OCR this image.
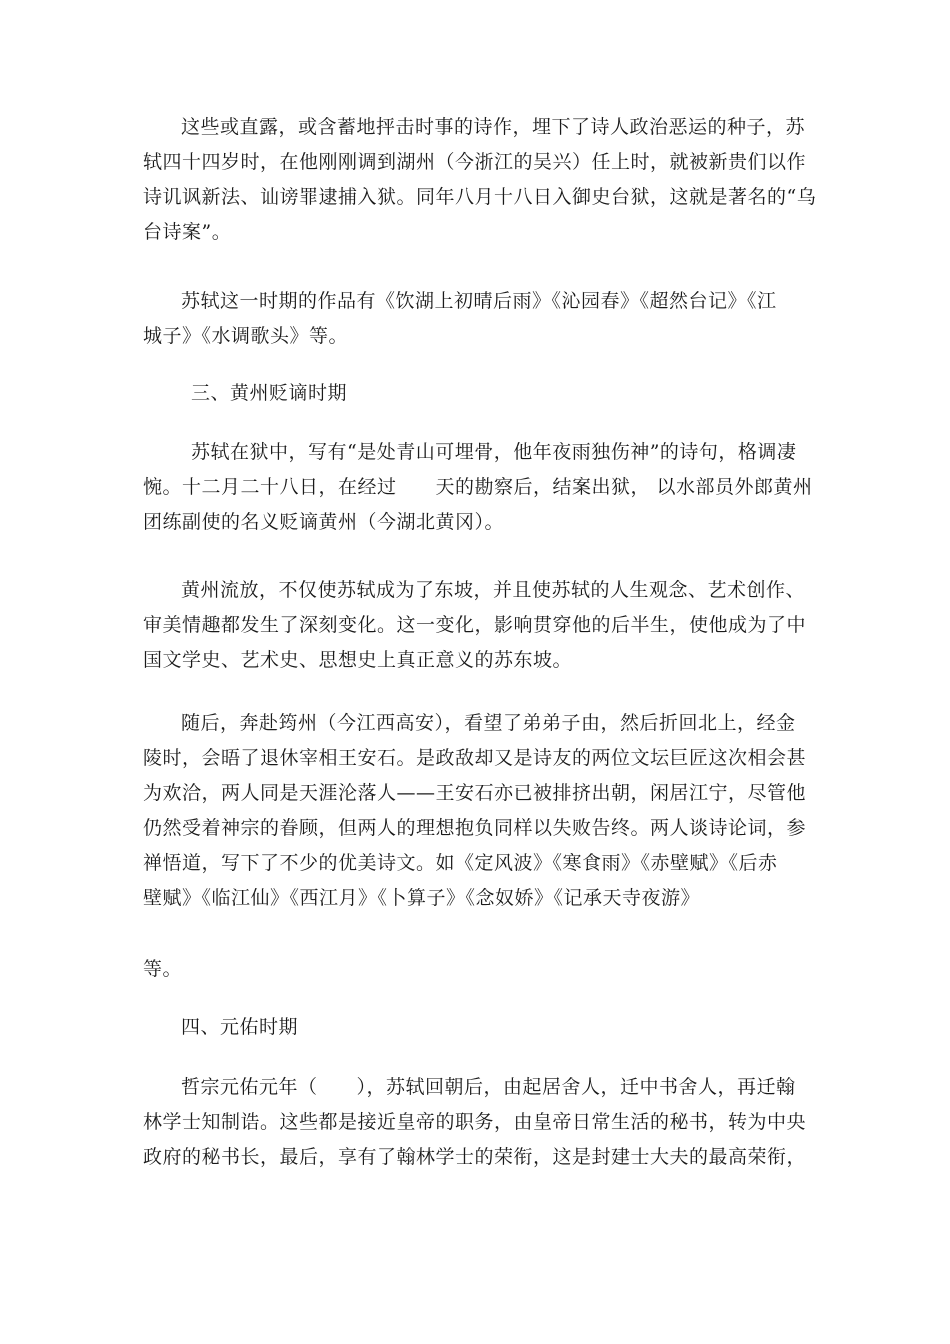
这些或直露，或含蓄地抨击时事的诗作，埋下了诗人政治恶运的种子，苏
轼四十四岁时，在他刚刚调到湖州（今浙江的吴兴）任上时，就被新贵们以作
诗讥讽新法、讪谤罪逮捕入狱。同年八月十八日入御史台狱，这就是著名的“乌
台诗案”。
苏轼这一时期的作品有《饮湖上初晴后雨》《沁园春》《超然台记》《江
城子》《水调歌头》等。
三、黄州贬谪时期
苏轼在狱中，写有“是处青山可埋骨，他年夜雨独伤神”的诗句，格调凄
惋。十二月二十八日，在经过　　天的勘察后，结案出狱， 以水部员外郎黄州
团练副使的名义贬谪黄州（今湖北黄冈）。
黄州流放，不仅使苏轼成为了东坡，并且使苏轼的人生观念、艺术创作、
审美情趣都发生了深刻变化。这一变化，影响贯穿他的后半生，使他成为了中
国文学史、艺术史、思想史上真正意义的苏东坡。
随后，奔赴筠州（今江西高安），看望了弟弟子由，然后折回北上，经金
陵时，会晤了退休宰相王安石。是政敌却又是诗友的两位文坛巨匠这次相会甚
为欢洽，两人同是天涯沦落人——王安石亦已被排挤出朝，闲居江宁，尽管他
仍然受着神宗的眷顾，但两人的理想抱负同样以失败告终。两人谈诗论词，参
禅悟道，写下了不少的优美诗文。如《定风波》《寒食雨》《赤壁赋》《后赤
壁赋》《临江仙》《西江月》《卜算子》《念奴娇》《记承天寺夜游》
等。
四、元佑时期
哲宗元佑元年（　　），苏轼回朝后，由起居舍人，迁中书舍人，再迁翰
林学士知制诰。这些都是接近皇帝的职务，由皇帝日常生活的秘书，转为中央
政府的秘书长，最后，享有了翰林学士的荣衔，这是封建士大夫的最高荣衔，
